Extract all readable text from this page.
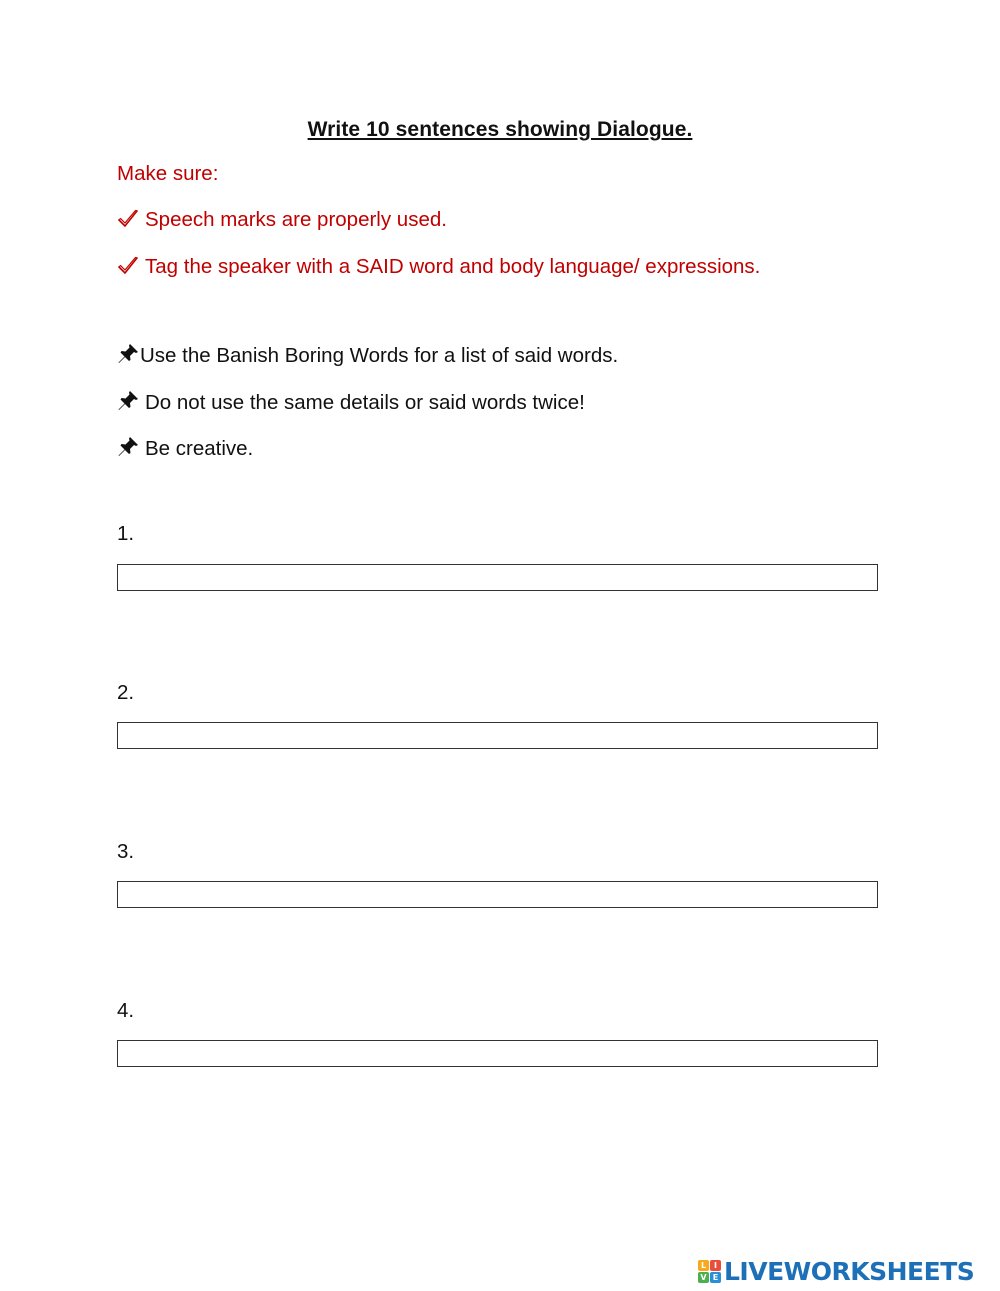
Write 10 sentences showing Dialogue.
Make sure:
Speech marks are properly used.
Tag the speaker with a SAID word and body language/ expressions.
Use the Banish Boring Words for a list of said words.
Do not use the same details or said words twice!
Be creative.
1.
2.
3.
4.
L I
V E LIVEWORKSHEETS
